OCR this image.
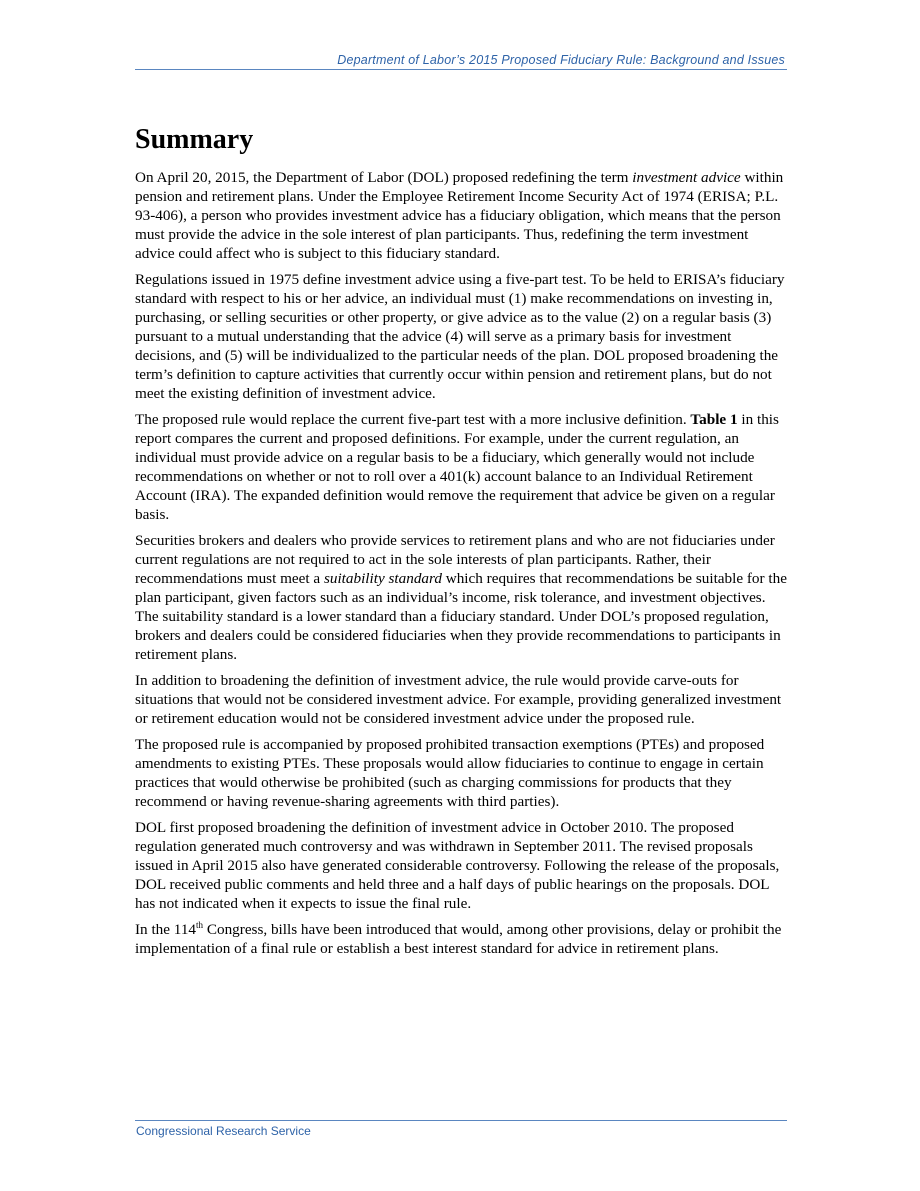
Department of Labor’s 2015 Proposed Fiduciary Rule: Background and Issues
Summary

On April 20, 2015, the Department of Labor (DOL) proposed redefining the term investment advice within pension and retirement plans. Under the Employee Retirement Income Security Act of 1974 (ERISA; P.L. 93-406), a person who provides investment advice has a fiduciary obligation, which means that the person must provide the advice in the sole interest of plan participants. Thus, redefining the term investment advice could affect who is subject to this fiduciary standard.

Regulations issued in 1975 define investment advice using a five-part test. To be held to ERISA’s fiduciary standard with respect to his or her advice, an individual must (1) make recommendations on investing in, purchasing, or selling securities or other property, or give advice as to the value (2) on a regular basis (3) pursuant to a mutual understanding that the advice (4) will serve as a primary basis for investment decisions, and (5) will be individualized to the particular needs of the plan. DOL proposed broadening the term’s definition to capture activities that currently occur within pension and retirement plans, but do not meet the existing definition of investment advice.

The proposed rule would replace the current five-part test with a more inclusive definition. Table 1 in this report compares the current and proposed definitions. For example, under the current regulation, an individual must provide advice on a regular basis to be a fiduciary, which generally would not include recommendations on whether or not to roll over a 401(k) account balance to an Individual Retirement Account (IRA). The expanded definition would remove the requirement that advice be given on a regular basis.

Securities brokers and dealers who provide services to retirement plans and who are not fiduciaries under current regulations are not required to act in the sole interests of plan participants. Rather, their recommendations must meet a suitability standard which requires that recommendations be suitable for the plan participant, given factors such as an individual’s income, risk tolerance, and investment objectives. The suitability standard is a lower standard than a fiduciary standard. Under DOL’s proposed regulation, brokers and dealers could be considered fiduciaries when they provide recommendations to participants in retirement plans.

In addition to broadening the definition of investment advice, the rule would provide carve-outs for situations that would not be considered investment advice. For example, providing generalized investment or retirement education would not be considered investment advice under the proposed rule.

The proposed rule is accompanied by proposed prohibited transaction exemptions (PTEs) and proposed amendments to existing PTEs. These proposals would allow fiduciaries to continue to engage in certain practices that would otherwise be prohibited (such as charging commissions for products that they recommend or having revenue-sharing agreements with third parties).

DOL first proposed broadening the definition of investment advice in October 2010. The proposed regulation generated much controversy and was withdrawn in September 2011. The revised proposals issued in April 2015 also have generated considerable controversy. Following the release of the proposals, DOL received public comments and held three and a half days of public hearings on the proposals. DOL has not indicated when it expects to issue the final rule.

In the 114th Congress, bills have been introduced that would, among other provisions, delay or prohibit the implementation of a final rule or establish a best interest standard for advice in retirement plans.

Congressional Research Service
